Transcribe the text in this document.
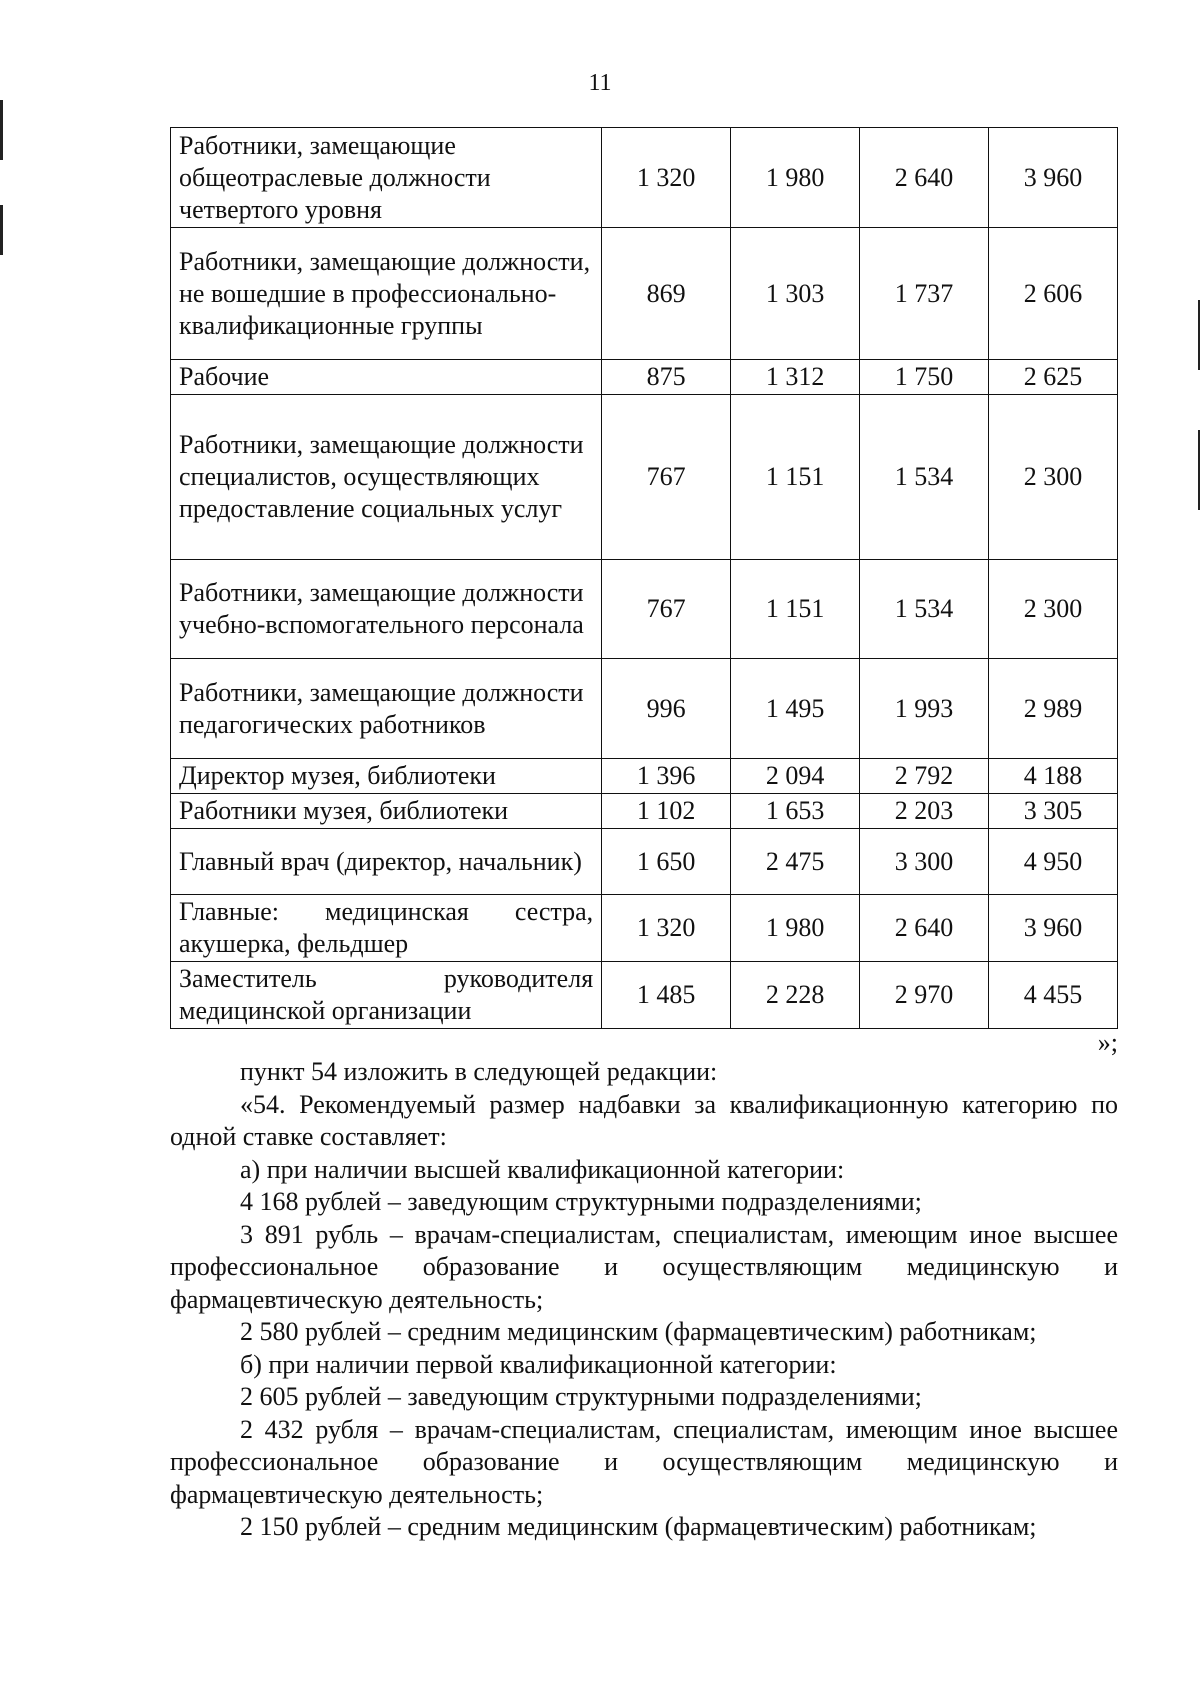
11
Работники, замещающие общеотраслевые должности четвертого уровня	1 320	1 980	2 640	3 960
Работники, замещающие должности, не вошедшие в профессионально-квалификационные группы	869	1 303	1 737	2 606
Рабочие	875	1 312	1 750	2 625
Работники, замещающие должности специалистов, осуществляющих предоставление социальных услуг	767	1 151	1 534	2 300
Работники, замещающие должности учебно-вспомогательного персонала	767	1 151	1 534	2 300
Работники, замещающие должности педагогических работников	996	1 495	1 993	2 989
Директор музея, библиотеки	1 396	2 094	2 792	4 188
Работники музея, библиотеки	1 102	1 653	2 203	3 305
Главный врач (директор, начальник)	1 650	2 475	3 300	4 950
Главные: медицинская сестра, акушерка, фельдшер	1 320	1 980	2 640	3 960
Заместитель руководителя медицинской организации	1 485	2 228	2 970	4 455
»;

пункт 54 изложить в следующей редакции:

«54. Рекомендуемый размер надбавки за квалификационную категорию по одной ставке составляет:

а) при наличии высшей квалификационной категории:

4 168 рублей – заведующим структурными подразделениями;

3 891 рубль – врачам-специалистам, специалистам, имеющим иное высшее профессиональное образование и осуществляющим медицинскую и фармацевтическую деятельность;

2 580 рублей – средним медицинским (фармацевтическим) работникам;

б) при наличии первой квалификационной категории:

2 605 рублей – заведующим структурными подразделениями;

2 432 рубля – врачам-специалистам, специалистам, имеющим иное высшее профессиональное образование и осуществляющим медицинскую и фармацевтическую деятельность;

2 150 рублей – средним медицинским (фармацевтическим) работникам;
